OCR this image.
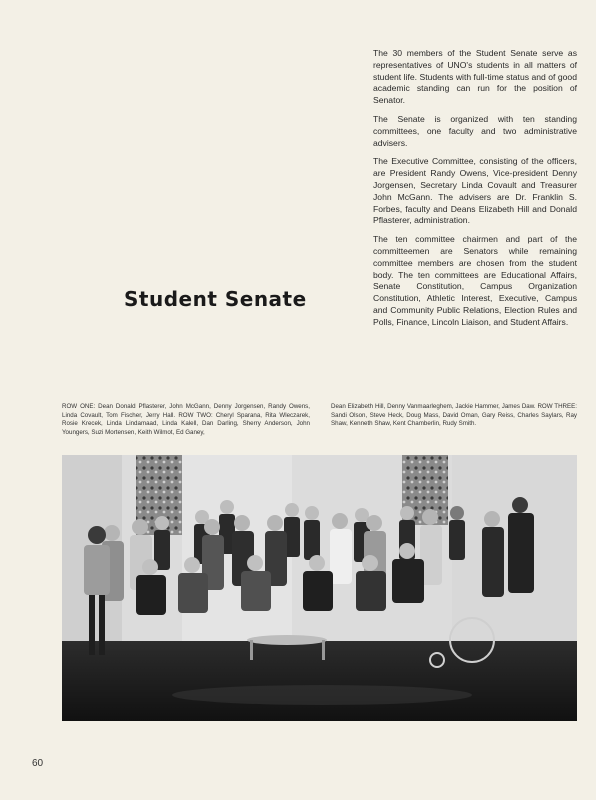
The 30 members of the Student Senate serve as representatives of UNO's students in all matters of student life. Students with full-time status and of good academic standing can run for the position of Senator.

The Senate is organized with ten standing committees, one faculty and two administrative advisers.

The Executive Committee, consisting of the officers, are President Randy Owens, Vice-president Denny Jorgensen, Secretary Linda Covault and Treasurer John McGann. The advisers are Dr. Franklin S. Forbes, faculty and Deans Elizabeth Hill and Donald Pflasterer, administration.

The ten committee chairmen and part of the committeemen are Senators while remaining committee members are chosen from the student body. The ten committees are Educational Affairs, Senate Constitution, Campus Organization Constitution, Athletic Interest, Executive, Campus and Community Public Relations, Election Rules and Polls, Finance, Lincoln Liaison, and Student Affairs.

Student Senate
ROW ONE: Dean Donald Pflasterer, John McGann, Denny Jorgensen, Randy Owens, Linda Covault, Tom Fischer, Jerry Hall. ROW TWO: Cheryl Sparana, Rita Wleczarek, Rosie Krecek, Linda Lindamaad, Linda Kalell, Dan Darling, Sherry Anderson, John Youngers, Suzi Mortensen, Keith Wilmot, Ed Ganey,
Dean Elizabeth Hill, Denny Vanmaarleghem, Jackie Hammer, James Daw. ROW THREE: Sandi Olson, Steve Heck, Doug Mass, David Oman, Gary Reiss, Charles Saylars, Ray Shaw, Kenneth Shaw, Kent Chamberlin, Rudy Smith.
60
